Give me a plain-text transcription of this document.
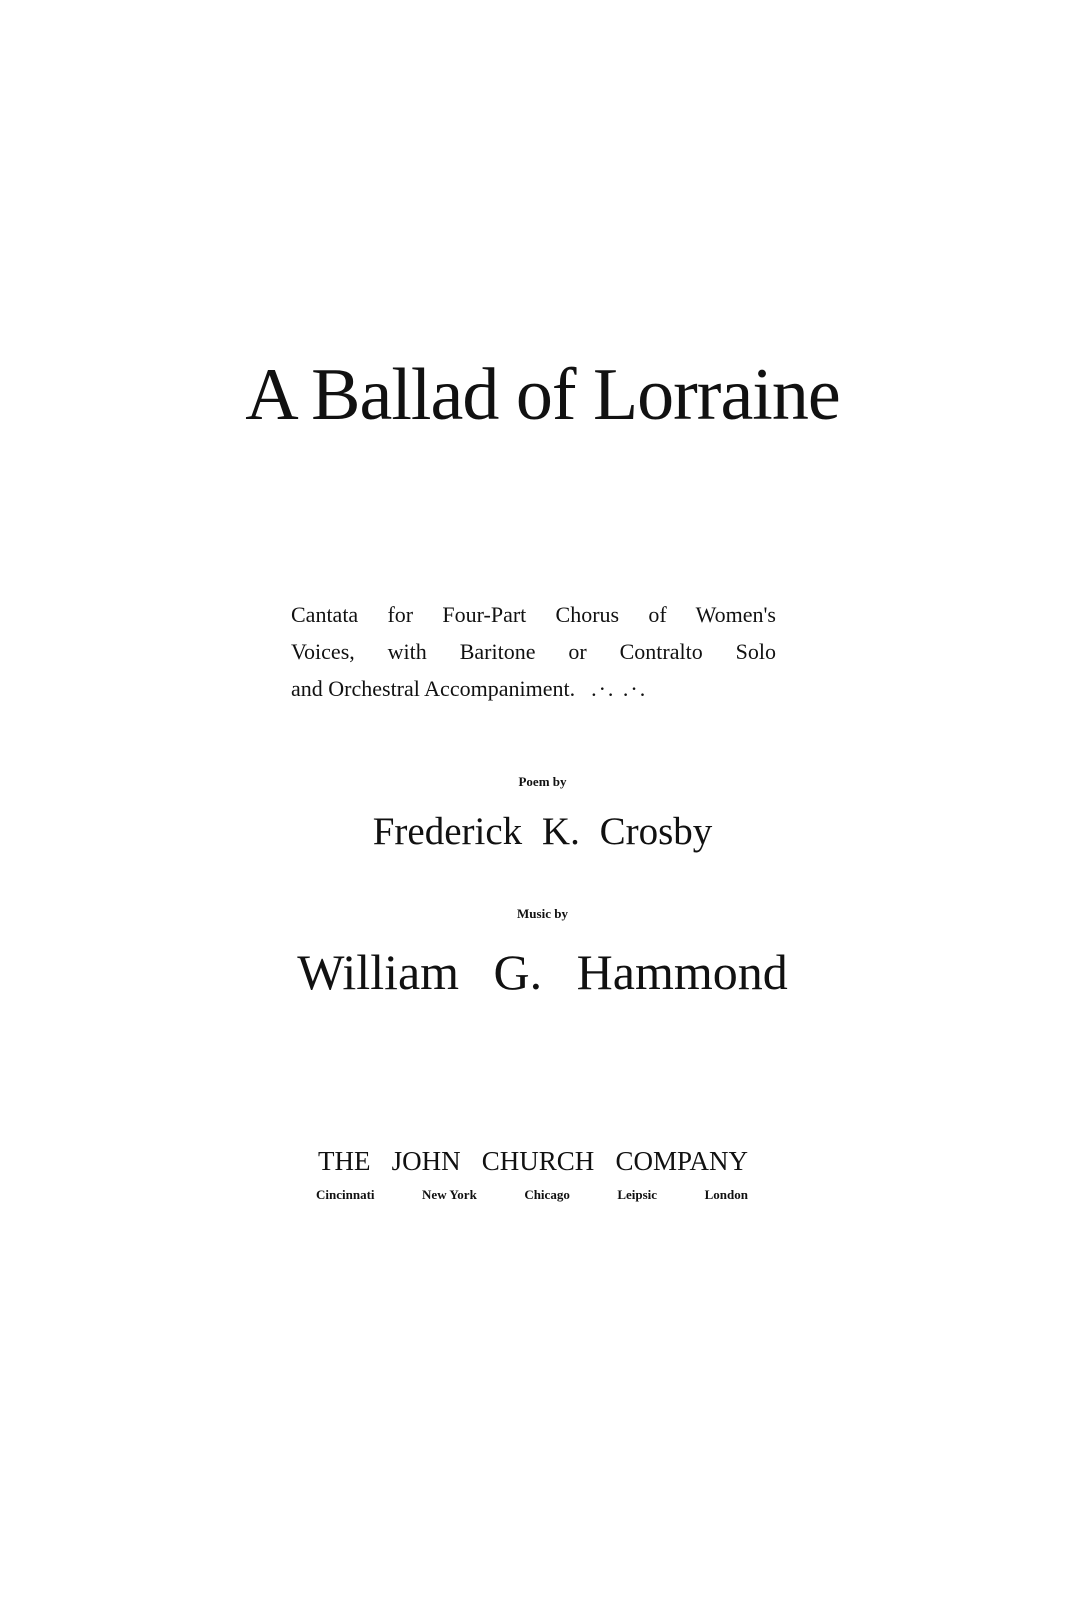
A Ballad of Lorraine
Cantata for Four-Part Chorus of Women's
Voices, with Baritone or Contralto Solo
and Orchestral Accompaniment. .·. .·.
Poem by
Frederick K. Crosby
Music by
William G. Hammond
THE JOHN CHURCH COMPANY
Cincinnati	New York	Chicago	Leipsic	London
